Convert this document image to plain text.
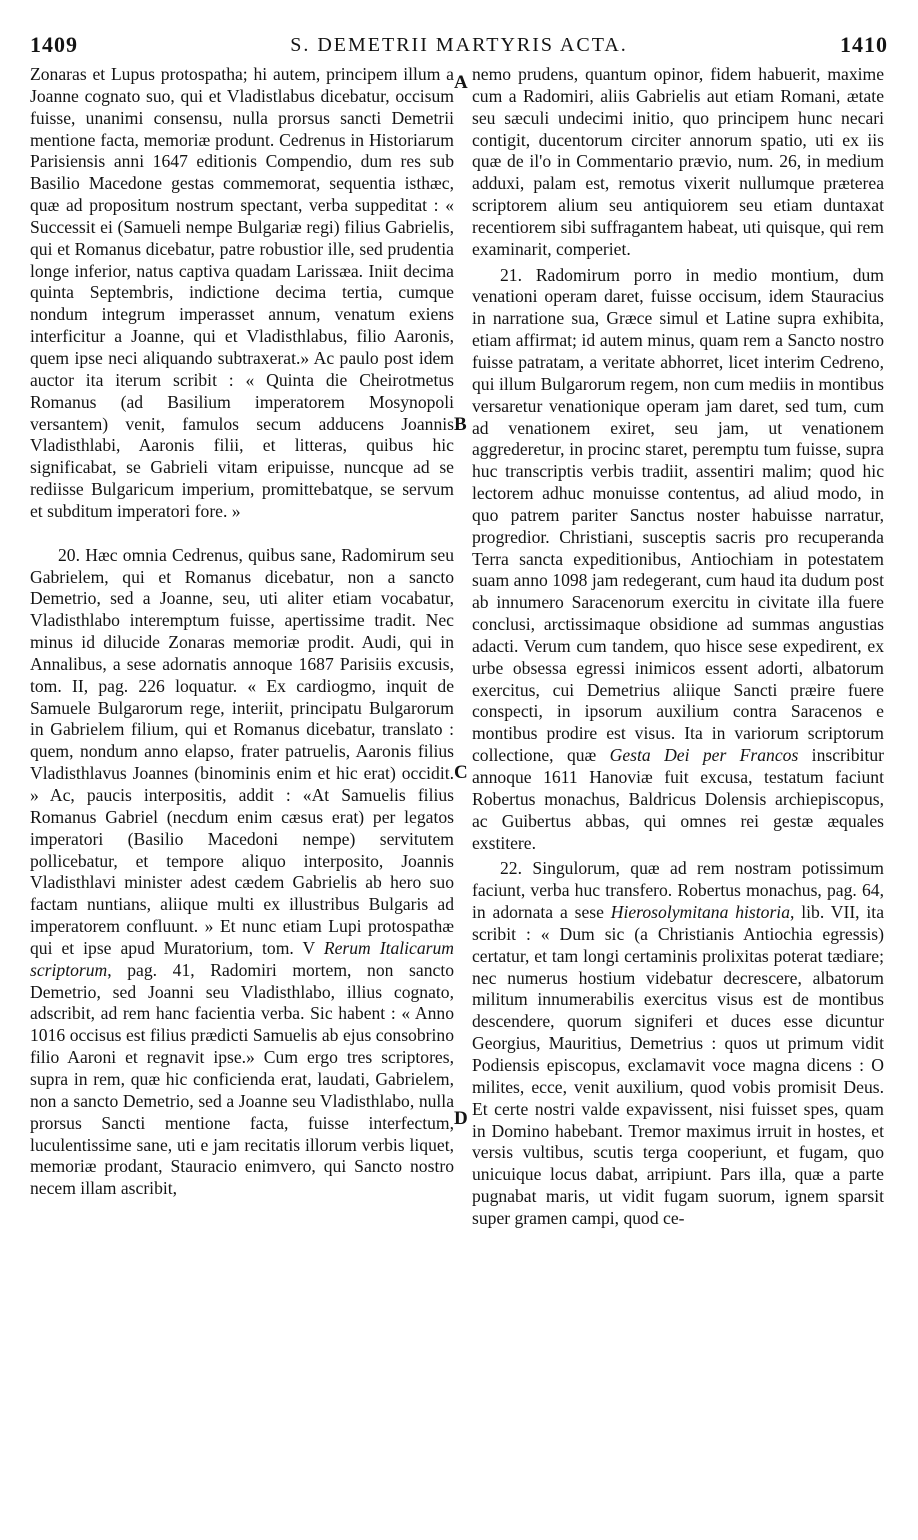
1409	S. DEMETRII MARTYRIS ACTA.	1410

Zonaras et Lupus protospatha; hi autem, principem illum a Joanne cognato suo, qui et Vladistlabus dicebatur, occisum fuisse, unanimi consensu, nulla prorsus sancti Demetrii mentione facta, memoriæ produnt. Cedrenus in Historiarum Parisiensis anni 1647 editionis Compendio, dum res sub Basilio Macedone gestas commemorat, sequentia isthæc, quæ ad propositum nostrum spectant, verba suppeditat : « Successit ei (Samueli nempe Bulgariæ regi) filius Gabrielis, qui et Romanus dicebatur, patre robustior ille, sed prudentia longe inferior, natus captiva quadam Larissæa. Iniit decima quinta Septembris, indictione decima tertia, cumque nondum integrum imperasset annum, venatum exiens interficitur a Joanne, qui et Vladisthlabus, filio Aaronis, quem ipse neci aliquando subtraxerat.» Ac paulo post idem auctor ita iterum scribit : « Quinta die Cheirotmetus Romanus (ad Basilium imperatorem Mosynopoli versantem) venit, famulos secum adducens Joannis Vladisthlabi, Aaronis filii, et litteras, quibus hic significabat, se Gabrieli vitam eripuisse, nuncque ad se rediisse Bulgaricum imperium, promittebatque, se servum et subditum imperatori fore. »

20. Hæc omnia Cedrenus, quibus sane, Radomirum seu Gabrielem, qui et Romanus dicebatur, non a sancto Demetrio, sed a Joanne, seu, uti aliter etiam vocabatur, Vladisthlabo interemptum fuisse, apertissime tradit. Nec minus id dilucide Zonaras memoriæ prodit. Audi, qui in Annalibus, a sese adornatis annoque 1687 Parisiis excusis, tom. II, pag. 226 loquatur. « Ex cardiogmo, inquit de Samuele Bulgarorum rege, interiit, principatu Bulgarorum in Gabrielem filium, qui et Romanus dicebatur, translato : quem, nondum anno elapso, frater patruelis, Aaronis filius Vladisthlavus Joannes (binominis enim et hic erat) occidit. » Ac, paucis interpositis, addit : «At Samuelis filius Romanus Gabriel (necdum enim cæsus erat) per legatos imperatori (Basilio Macedoni nempe) servitutem pollicebatur, et tempore aliquo interposito, Joannis Vladisthlavi minister adest cædem Gabrielis ab hero suo factam nuntians, aliique multi ex illustribus Bulgaris ad imperatorem confluunt. » Et nunc etiam Lupi protospathæ qui et ipse apud Muratorium, tom. V Rerum Italicarum scriptorum, pag. 41, Radomiri mortem, non sancto Demetrio, sed Joanni seu Vladisthlabo, illius cognato, adscribit, ad rem hanc facientia verba. Sic habent : « Anno 1016 occisus est filius prædicti Samuelis ab ejus consobrino filio Aaroni et regnavit ipse.» Cum ergo tres scriptores, supra in rem, quæ hic conficienda erat, laudati, Gabrielem, non a sancto Demetrio, sed a Joanne seu Vladisthlabo, nulla prorsus Sancti mentione facta, fuisse interfectum, luculentissime sane, uti e jam recitatis illorum verbis liquet, memoriæ prodant, Stauracio enimvero, qui Sancto nostro necem illam ascribit,

A
B
C
D

nemo prudens, quantum opinor, fidem habuerit, maxime cum a Radomiri, aliis Gabrielis aut etiam Romani, ætate seu sæculi undecimi initio, quo principem hunc necari contigit, ducentorum circiter annorum spatio, uti ex iis quæ de il'o in Commentario prævio, num. 26, in medium adduxi, palam est, remotus vixerit nullumque præterea scriptorem alium seu antiquiorem seu etiam duntaxat recentiorem sibi suffragantem habeat, uti quisque, qui rem examinarit, comperiet.

21. Radomirum porro in medio montium, dum venationi operam daret, fuisse occisum, idem Stauracius in narratione sua, Græce simul et Latine supra exhibita, etiam affirmat; id autem minus, quam rem a Sancto nostro fuisse patratam, a veritate abhorret, licet interim Cedreno, qui illum Bulgarorum regem, non cum mediis in montibus versaretur venationique operam jam daret, sed tum, cum ad venationem exiret, seu jam, ut venationem aggrederetur, in procinc staret, peremptu tum fuisse, supra huc transcriptis verbis tradiit, assentiri malim; quod hic lectorem adhuc monuisse contentus, ad aliud modo, in quo patrem pariter Sanctus noster habuisse narratur, progredior. Christiani, susceptis sacris pro recuperanda Terra sancta expeditionibus, Antiochiam in potestatem suam anno 1098 jam redegerant, cum haud ita dudum post ab innumero Saracenorum exercitu in civitate illa fuere conclusi, arctissimaque obsidione ad summas angustias adacti. Verum cum tandem, quo hisce sese expedirent, ex urbe obsessa egressi inimicos essent adorti, albatorum exercitus, cui Demetrius aliique Sancti præire fuere conspecti, in ipsorum auxilium contra Saracenos e montibus prodire est visus. Ita in variorum scriptorum collectione, quæ Gesta Dei per Francos inscribitur annoque 1611 Hanoviæ fuit excusa, testatum faciunt Robertus monachus, Baldricus Dolensis archiepiscopus, ac Guibertus abbas, qui omnes rei gestæ æquales exstitere.

22. Singulorum, quæ ad rem nostram potissimum faciunt, verba huc transfero. Robertus monachus, pag. 64, in adornata a sese Hierosolymitana historia, lib. VII, ita scribit : « Dum sic (a Christianis Antiochia egressis) certatur, et tam longi certaminis prolixitas poterat tædiare; nec numerus hostium videbatur decrescere, albatorum militum innumerabilis exercitus visus est de montibus descendere, quorum signiferi et duces esse dicuntur Georgius, Mauritius, Demetrius : quos ut primum vidit Podiensis episcopus, exclamavit voce magna dicens : O milites, ecce, venit auxilium, quod vobis promisit Deus. Et certe nostri valde expavissent, nisi fuisset spes, quam in Domino habebant. Tremor maximus irruit in hostes, et versis vultibus, scutis terga cooperiunt, et fugam, quo unicuique locus dabat, arripiunt. Pars illa, quæ a parte pugnabat maris, ut vidit fugam suorum, ignem sparsit super gramen campi, quod ce-
